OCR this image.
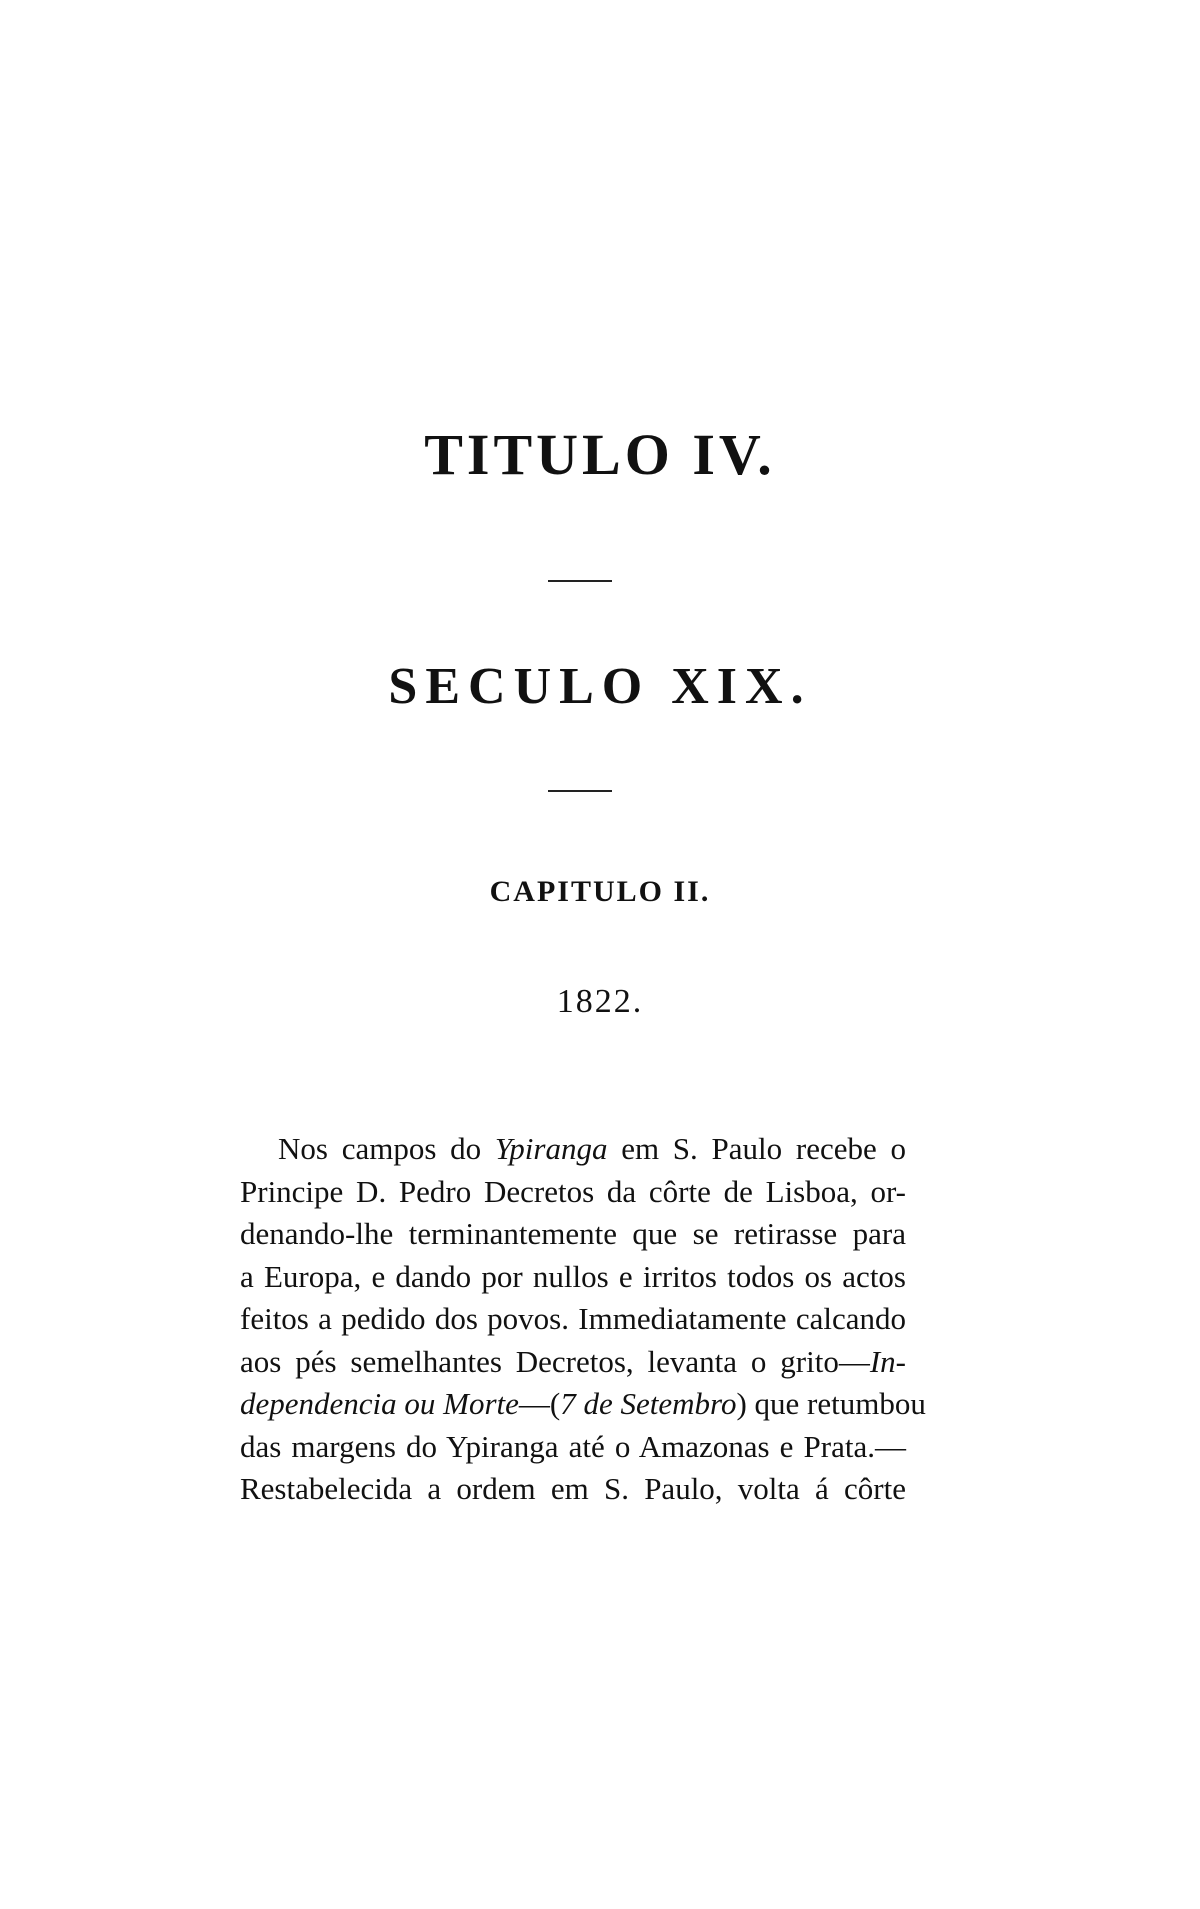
TITULO IV.
SECULO XIX.
CAPITULO II.
1822.

Nos campos do Ypiranga em S. Paulo recebe o
Principe D. Pedro Decretos da côrte de Lisboa, or-
denando-lhe terminantemente que se retirasse para
a Europa, e dando por nullos e irritos todos os actos
feitos a pedido dos povos. Immediatamente calcando
aos pés semelhantes Decretos, levanta o grito—In-
dependencia ou Morte—(7 de Setembro) que retumbou
das margens do Ypiranga até o Amazonas e Prata.—
Restabelecida a ordem em S. Paulo, volta á côrte
